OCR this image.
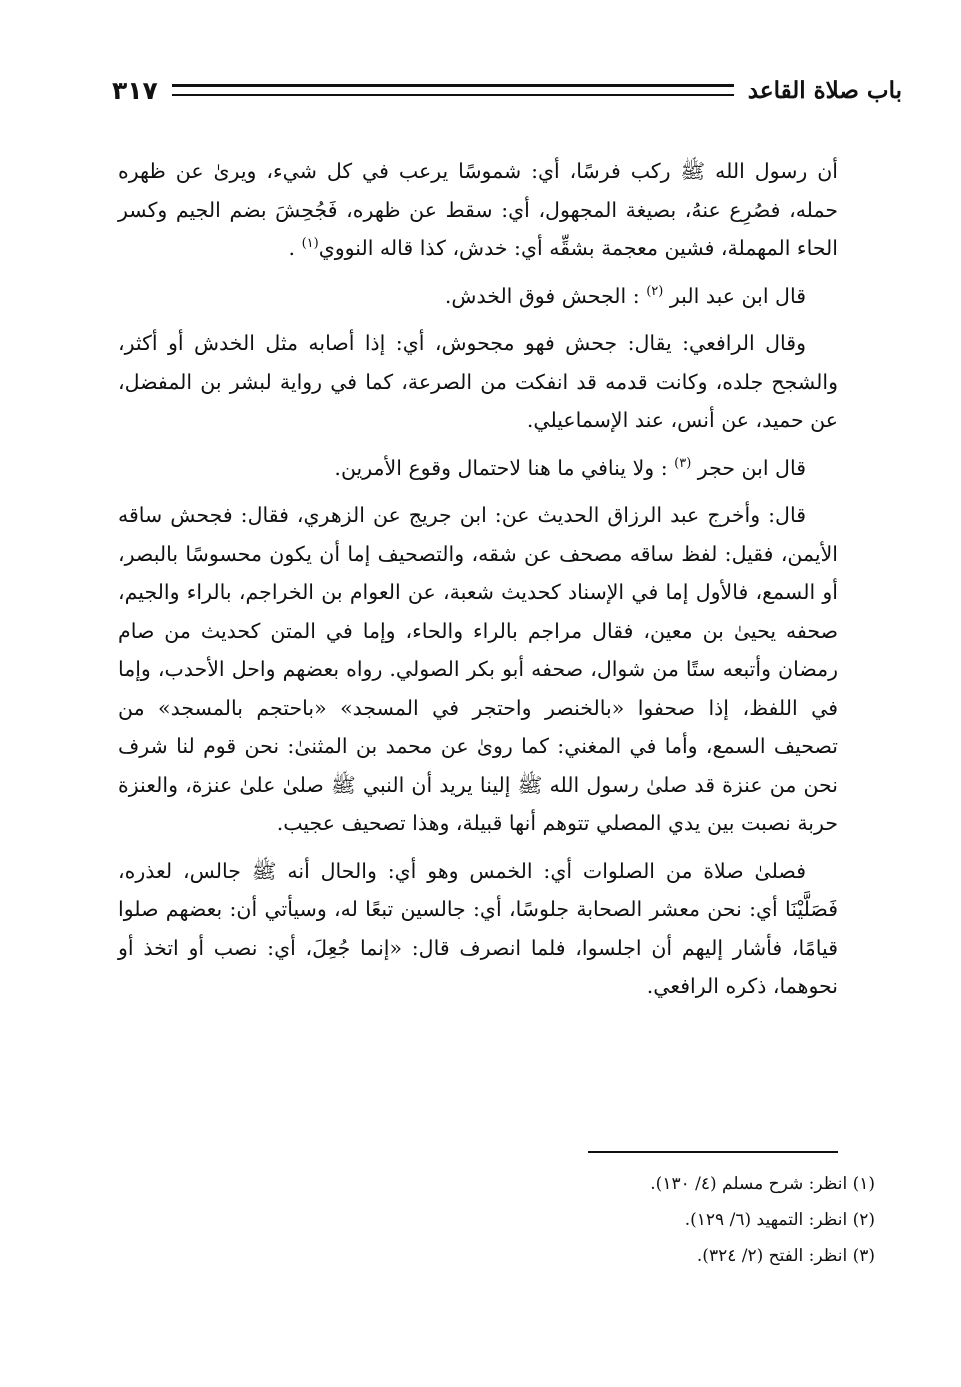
باب صلاة القاعد
٣١٧

أن رسول الله ﷺ ركب فرسًا، أي: شموسًا يرعب في كل شيء، ويرىٰ عن ظهره حمله، فصُرِع عنهُ، بصيغة المجهول، أي: سقط عن ظهره، فَجُحِشَ بضم الجيم وكسر الحاء المهملة، فشين معجمة بشقِّه أي: خدش، كذا قاله النووي$^{(١)}$ .

قال ابن عبد البر $^{(٢)}$ : الجحش فوق الخدش.

وقال الرافعي: يقال: جحش فهو مجحوش، أي: إذا أصابه مثل الخدش أو أكثر، والشجح جلده، وكانت قدمه قد انفكت من الصرعة، كما في رواية لبشر بن المفضل، عن حميد، عن أنس، عند الإسماعيلي.

قال ابن حجر $^{(٣)}$ : ولا ينافي ما هنا لاحتمال وقوع الأمرين.

قال: وأخرج عبد الرزاق الحديث عن: ابن جريج عن الزهري، فقال: فجحش ساقه الأيمن، فقيل: لفظ ساقه مصحف عن شقه، والتصحيف إما أن يكون محسوسًا بالبصر، أو السمع، فالأول إما في الإسناد كحديث شعبة، عن العوام بن الخراجم، بالراء والجيم، صحفه يحيىٰ بن معين، فقال مراجم بالراء والحاء، وإما في المتن كحديث من صام رمضان وأتبعه ستًا من شوال، صحفه أبو بكر الصولي. رواه بعضهم واحل الأحدب، وإما في اللفظ، إذا صحفوا «بالخنصر واحتجر في المسجد» «باحتجم بالمسجد» من تصحيف السمع، وأما في المغني: كما روىٰ عن محمد بن المثنىٰ: نحن قوم لنا شرف نحن من عنزة قد صلىٰ رسول الله ﷺ إلينا يريد أن النبي ﷺ صلىٰ علىٰ عنزة، والعنزة حربة نصبت بين يدي المصلي تتوهم أنها قبيلة، وهذا تصحيف عجيب.

فصلىٰ صلاة من الصلوات أي: الخمس وهو أي: والحال أنه ﷺ جالس، لعذره، فَصَلَّيْنَا أي: نحن معشر الصحابة جلوسًا، أي: جالسين تبعًا له، وسيأتي أن: بعضهم صلوا قيامًا، فأشار إليهم أن اجلسوا، فلما انصرف قال: «إنما جُعِلَ، أي: نصب أو اتخذ أو نحوهما، ذكره الرافعي.

(١) انظر: شرح مسلم (٤/ ١٣٠).

(٢) انظر: التمهيد (٦/ ١٢٩).

(٣) انظر: الفتح (٢/ ٣٢٤).
